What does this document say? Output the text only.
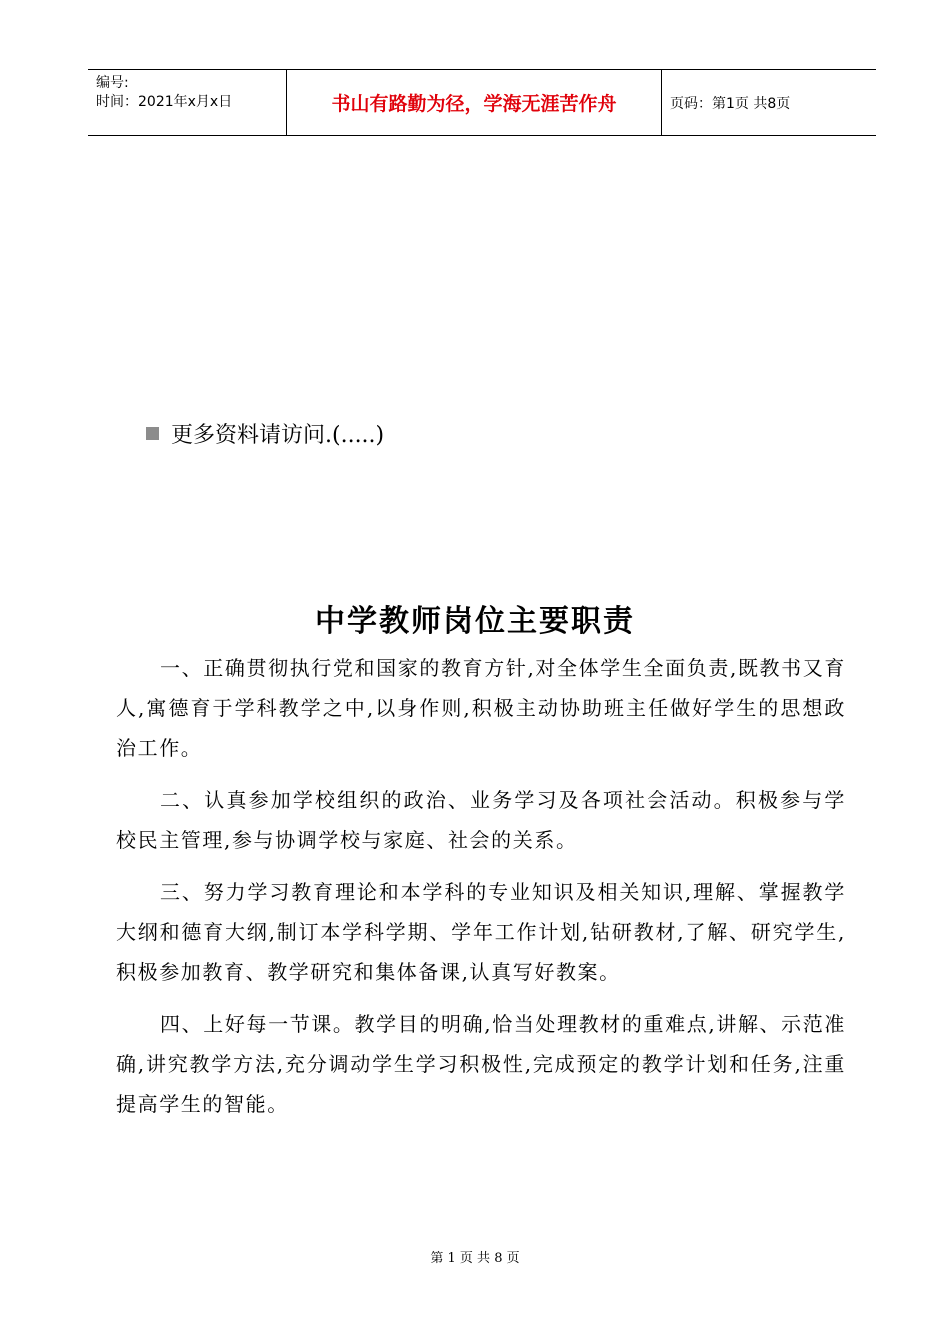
编号:
时间：2021年x月x日	书山有路勤为径，学海无涯苦作舟	页码：第1页 共8页
更多资料请访问.(.....)
中学教师岗位主要职责

一、正确贯彻执行党和国家的教育方针,对全体学生全面负责,既教书又育人,寓德育于学科教学之中,以身作则,积极主动协助班主任做好学生的思想政治工作。

二、认真参加学校组织的政治、业务学习及各项社会活动。积极参与学校民主管理,参与协调学校与家庭、社会的关系。

三、努力学习教育理论和本学科的专业知识及相关知识,理解、掌握教学大纲和德育大纲,制订本学科学期、学年工作计划,钻研教材,了解、研究学生,积极参加教育、教学研究和集体备课,认真写好教案。

四、上好每一节课。教学目的明确,恰当处理教材的重难点,讲解、示范准确,讲究教学方法,充分调动学生学习积极性,完成预定的教学计划和任务,注重提高学生的智能。

第 1 页 共 8 页
